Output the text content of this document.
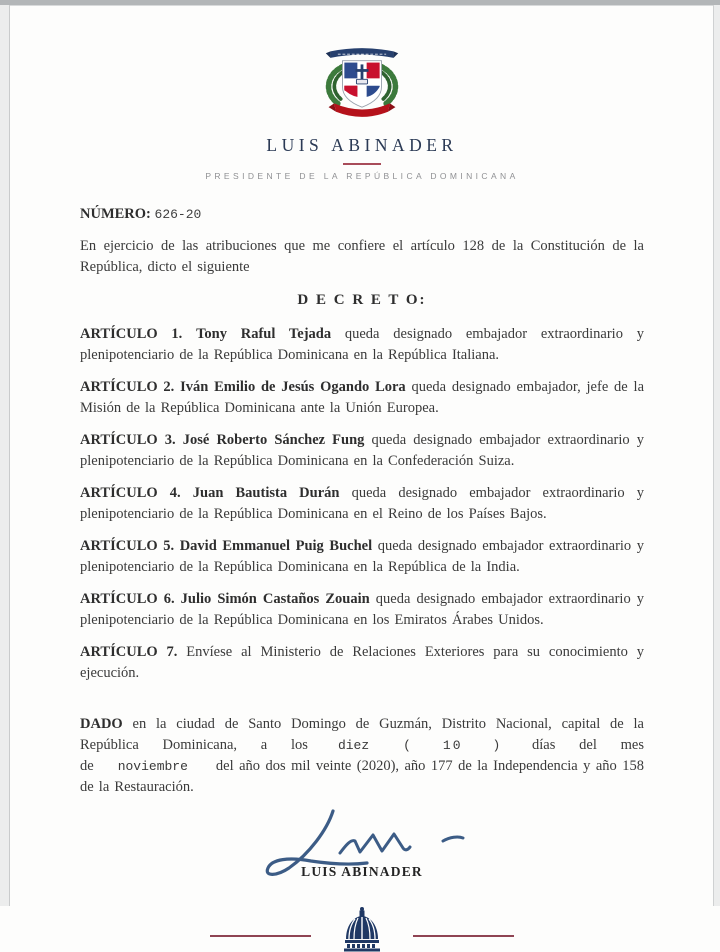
LUIS ABINADER
PRESIDENTE DE LA REPÚBLICA DOMINICANA
NÚMERO: 626-20

En ejercicio de las atribuciones que me confiere el artículo 128 de la Constitución de la República, dicto el siguiente

D E C R E T O:

ARTÍCULO 1. Tony Raful Tejada queda designado embajador extraordinario y plenipotenciario de la República Dominicana en la República Italiana.

ARTÍCULO 2. Iván Emilio de Jesús Ogando Lora queda designado embajador, jefe de la Misión de la República Dominicana ante la Unión Europea.

ARTÍCULO 3. José Roberto Sánchez Fung queda designado embajador extraordinario y plenipotenciario de la República Dominicana en la Confederación Suiza.

ARTÍCULO 4. Juan Bautista Durán queda designado embajador extraordinario y plenipotenciario de la República Dominicana en el Reino de los Países Bajos.

ARTÍCULO 5. David Emmanuel Puig Buchel queda designado embajador extraordinario y plenipotenciario de la República Dominicana en la República de la India.

ARTÍCULO 6. Julio Simón Castaños Zouain queda designado embajador extraordinario y plenipotenciario de la República Dominicana en los Emiratos Árabes Unidos.

ARTÍCULO 7. Envíese al Ministerio de Relaciones Exteriores para su conocimiento y ejecución.

DADO en la ciudad de Santo Domingo de Guzmán, Distrito Nacional, capital de la República Dominicana, a los diez	( 10 ) días del mes de noviembre del año dos mil veinte (2020), año 177 de la Independencia y año 158 de la Restauración.

LUIS ABINADER
